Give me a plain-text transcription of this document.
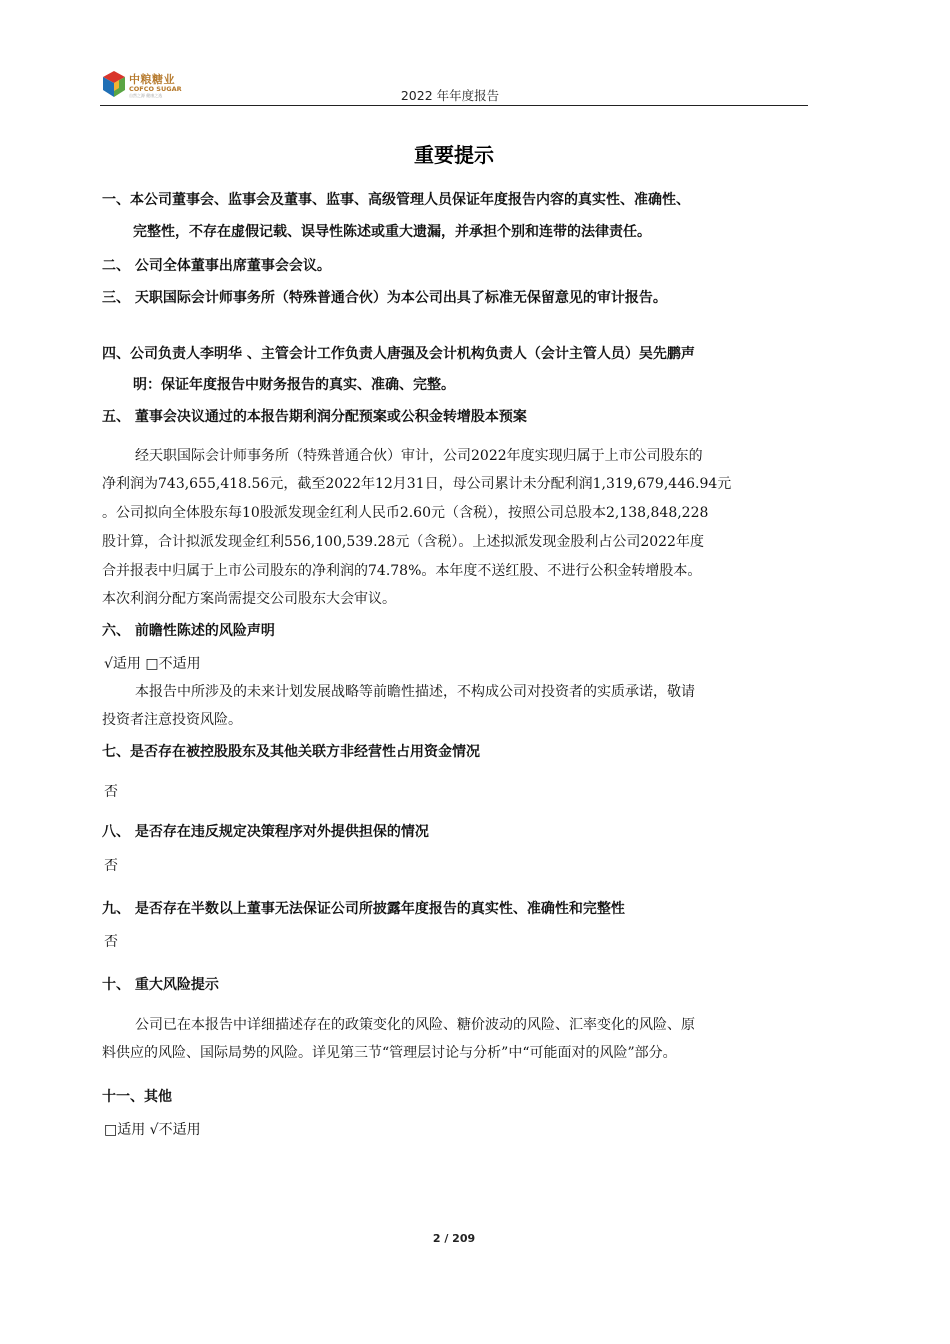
中粮糖业
COFCO SUGAR
自然之源 健康之选	2022 年年度报告
重要提示
一、本公司董事会、监事会及董事、监事、高级管理人员保证年度报告内容的真实性、准确性、
完整性，不存在虚假记载、误导性陈述或重大遗漏，并承担个别和连带的法律责任。
二、 公司全体董事出席董事会会议。
三、 天职国际会计师事务所（特殊普通合伙）为本公司出具了标准无保留意见的审计报告。
四、公司负责人李明华 、主管会计工作负责人唐强及会计机构负责人（会计主管人员）吴先鹏声
明：保证年度报告中财务报告的真实、准确、完整。
五、 董事会决议通过的本报告期利润分配预案或公积金转增股本预案
经天职国际会计师事务所（特殊普通合伙）审计，公司2022年度实现归属于上市公司股东的
净利润为743,655,418.56元，截至2022年12月31日，母公司累计未分配利润1,319,679,446.94元
。公司拟向全体股东每10股派发现金红利人民币2.60元（含税），按照公司总股本2,138,848,228
股计算，合计拟派发现金红利556,100,539.28元（含税）。上述拟派发现金股利占公司2022年度
合并报表中归属于上市公司股东的净利润的74.78%。本年度不送红股、不进行公积金转增股本。
本次利润分配方案尚需提交公司股东大会审议。
六、 前瞻性陈述的风险声明
√适用 □不适用
本报告中所涉及的未来计划发展战略等前瞻性描述，不构成公司对投资者的实质承诺，敬请
投资者注意投资风险。
七、是否存在被控股股东及其他关联方非经营性占用资金情况
否
八、 是否存在违反规定决策程序对外提供担保的情况
否
九、 是否存在半数以上董事无法保证公司所披露年度报告的真实性、准确性和完整性
否
十、 重大风险提示
公司已在本报告中详细描述存在的政策变化的风险、糖价波动的风险、汇率变化的风险、原
料供应的风险、国际局势的风险。详见第三节“管理层讨论与分析”中“可能面对的风险”部分。
十一、其他
□适用 √不适用
2 / 209
